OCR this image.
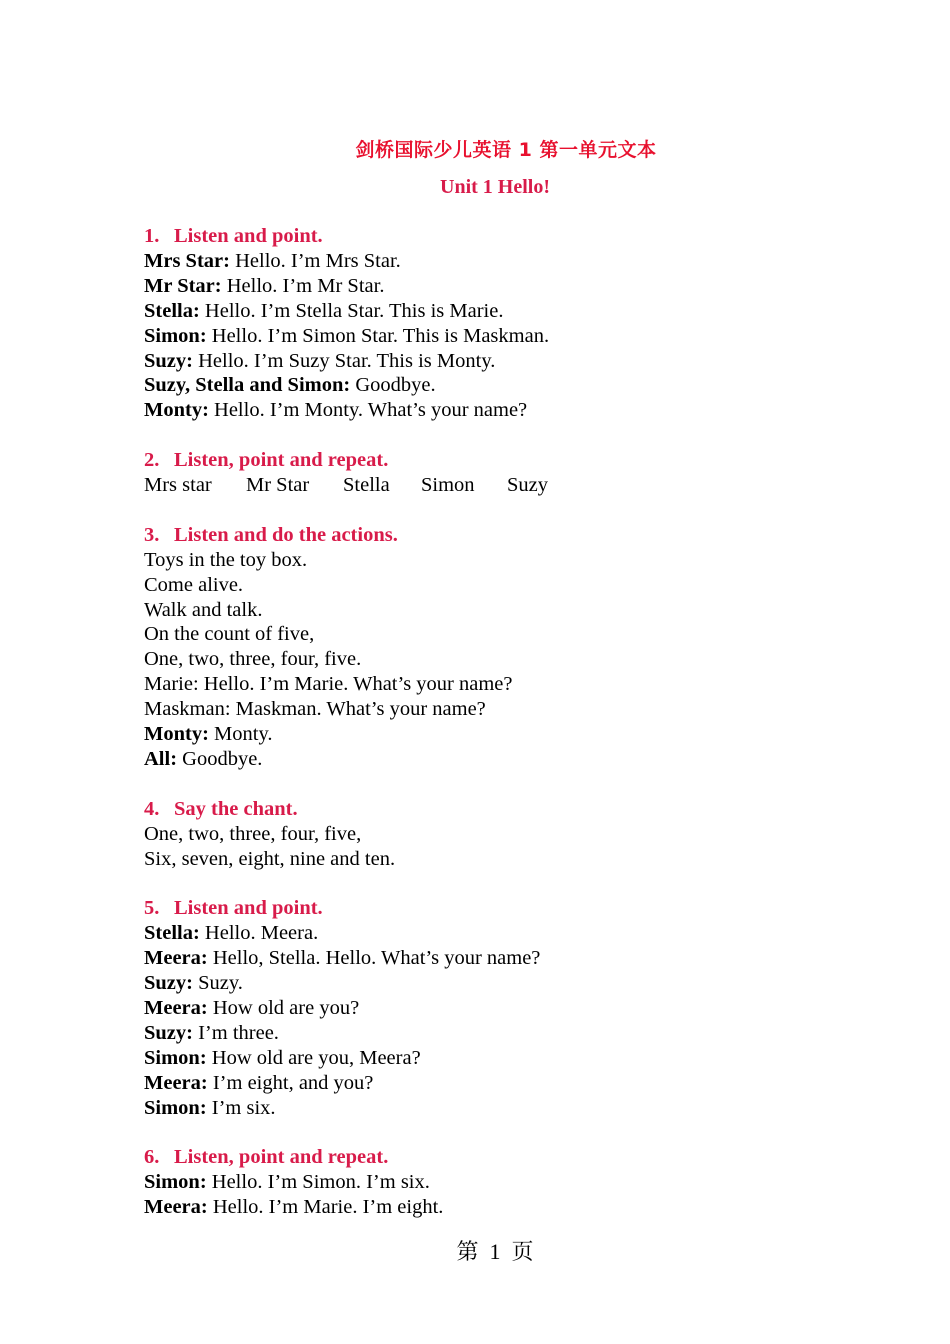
剑桥国际少儿英语 1 第一单元文本
Unit 1 Hello!
1. Listen and point.
Mrs Star: Hello. I’m Mrs Star.
Mr Star: Hello. I’m Mr Star.
Stella: Hello. I’m Stella Star. This is Marie.
Simon: Hello. I’m Simon Star. This is Maskman.
Suzy: Hello. I’m Suzy Star. This is Monty.
Suzy, Stella and Simon: Goodbye.
Monty: Hello. I’m Monty. What’s your name?
2. Listen, point and repeat.
Mrs star Mr Star Stella Simon Suzy
3. Listen and do the actions.
Toys in the toy box.
Come alive.
Walk and talk.
On the count of five,
One, two, three, four, five.
Marie: Hello. I’m Marie. What’s your name?
Maskman: Maskman. What’s your name?
Monty: Monty.
All: Goodbye.
4. Say the chant.
One, two, three, four, five,
Six, seven, eight, nine and ten.
5. Listen and point.
Stella: Hello. Meera.
Meera: Hello, Stella. Hello. What’s your name?
Suzy: Suzy.
Meera: How old are you?
Suzy: I’m three.
Simon: How old are you, Meera?
Meera: I’m eight, and you?
Simon: I’m six.
6. Listen, point and repeat.
Simon: Hello. I’m Simon. I’m six.
Meera: Hello. I’m Marie. I’m eight.
第 1 页
